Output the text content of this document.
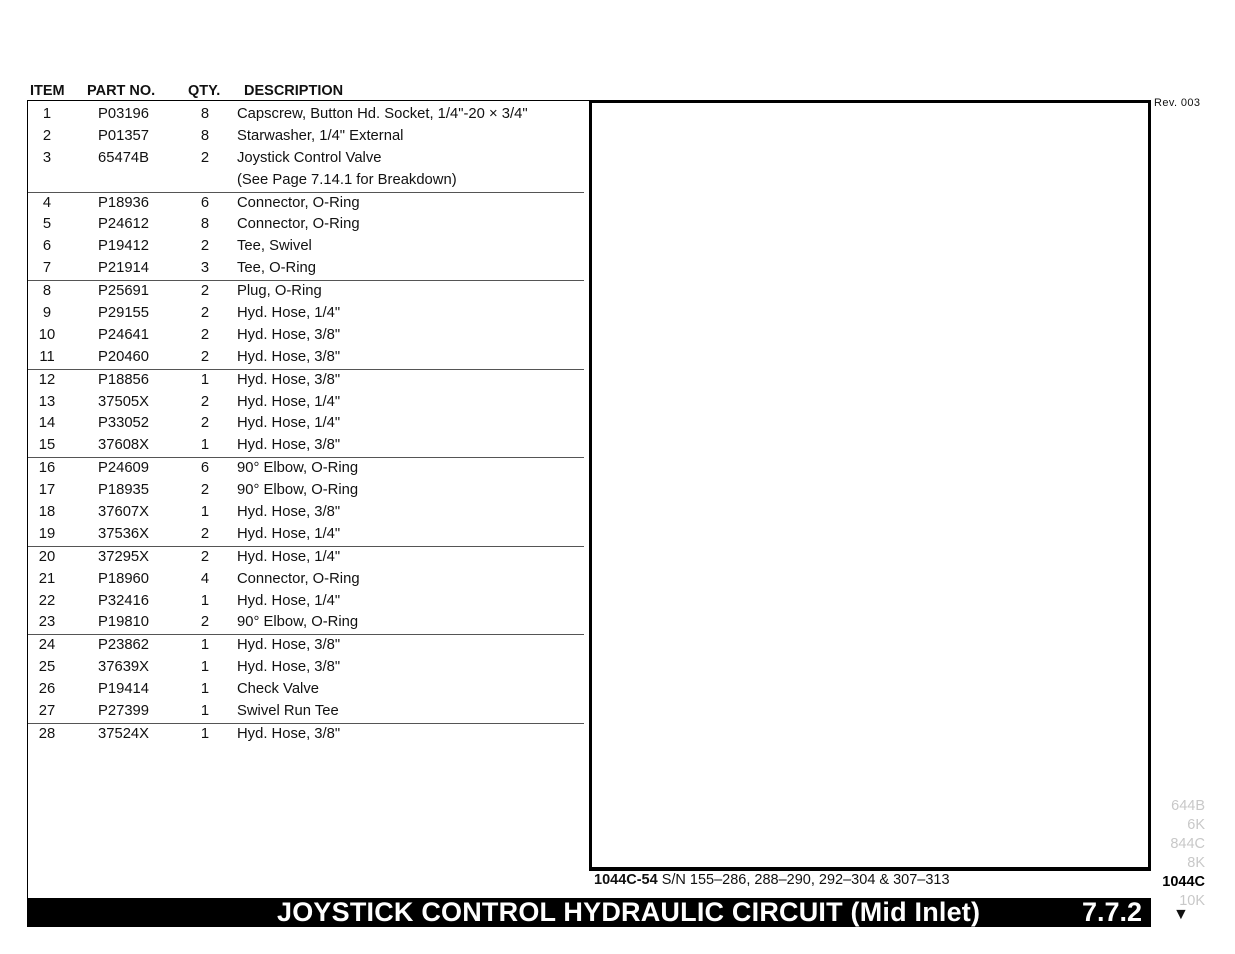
ITEM PART NO. QTY. DESCRIPTION
1	P03196	8	Capscrew, Button Hd. Socket, 1/4"-20 × 3/4"
2	P01357	8	Starwasher, 1/4" External
3	65474B	2	Joystick Control Valve
(See Page 7.14.1 for Breakdown)
4	P18936	6	Connector, O-Ring
5	P24612	8	Connector, O-Ring
6	P19412	2	Tee, Swivel
7	P21914	3	Tee, O-Ring
8	P25691	2	Plug, O-Ring
9	P29155	2	Hyd. Hose, 1/4"
10	P24641	2	Hyd. Hose, 3/8"
11	P20460	2	Hyd. Hose, 3/8"
12	P18856	1	Hyd. Hose, 3/8"
13	37505X	2	Hyd. Hose, 1/4"
14	P33052	2	Hyd. Hose, 1/4"
15	37608X	1	Hyd. Hose, 3/8"
16	P24609	6	90° Elbow, O-Ring
17	P18935	2	90° Elbow, O-Ring
18	37607X	1	Hyd. Hose, 3/8"
19	37536X	2	Hyd. Hose, 1/4"
20	37295X	2	Hyd. Hose, 1/4"
21	P18960	4	Connector, O-Ring
22	P32416	1	Hyd. Hose, 1/4"
23	P19810	2	90° Elbow, O-Ring
24	P23862	1	Hyd. Hose, 3/8"
25	37639X	1	Hyd. Hose, 3/8"
26	P19414	1	Check Valve
27	P27399	1	Swivel Run Tee
28	37524X	1	Hyd. Hose, 3/8"
Rev. 003
1044C-54 S/N 155–286, 288–290, 292–304 & 307–313
644B
6K
844C
8K
1044C
10K
JOYSTICK CONTROL HYDRAULIC CIRCUIT (Mid Inlet)	7.7.2 ▼
